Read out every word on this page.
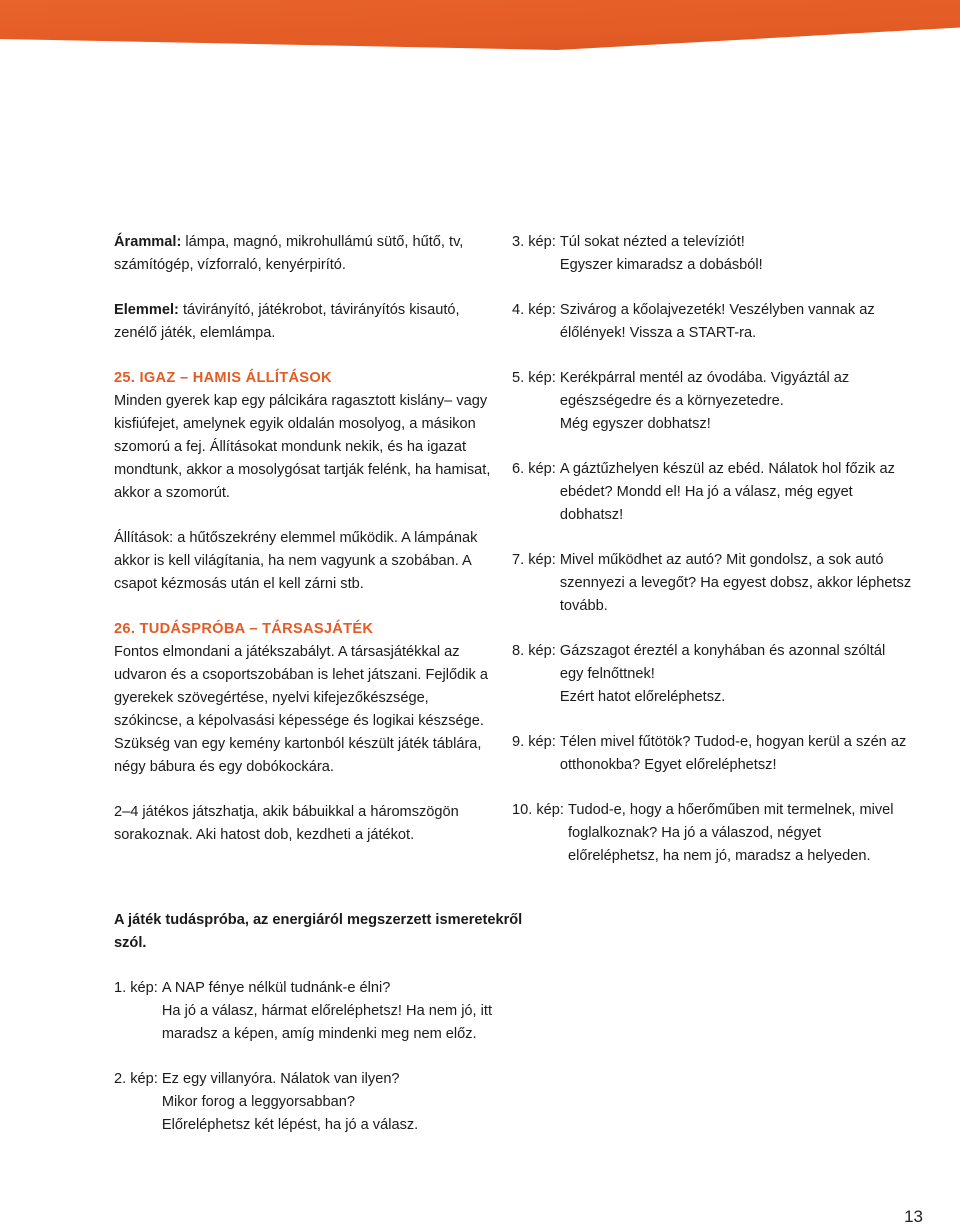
Árammal: lámpa, magnó, mikrohullámú sütő, hűtő, tv, számítógép, vízforraló, kenyérpirító.

Elemmel: távirányító, játékrobot, távirányítós kisautó, zenélő játék, elemlámpa.

25. IGAZ – HAMIS ÁLLÍTÁSOK

Minden gyerek kap egy pálcikára ragasztott kislány– vagy kisfiúfejet, amelynek egyik oldalán mosolyog, a másikon szomorú a fej. Állításokat mondunk nekik, és ha igazat mondtunk, akkor a mosolygósat tartják felénk, ha hamisat, akkor a szomorút.

Állítások: a hűtőszekrény elemmel működik. A lámpának akkor is kell világítania, ha nem vagyunk a szobában. A csapot kézmosás után el kell zárni stb.

26. TUDÁSPRÓBA – TÁRSASJÁTÉK

Fontos elmondani a játékszabályt. A társasjátékkal az udvaron és a csoportszobában is lehet játszani. Fejlődik a gyerekek szövegértése, nyelvi kifejezőkészsége, szókincse, a képolvasási képessége és logikai készsége. Szükség van egy kemény kartonból készült játék táblára, négy bábura és egy dobókockára.

2–4 játékos játszhatja, akik bábuikkal a háromszögön sorakoznak. Aki hatost dob, kezdheti a játékot.

A játék tudáspróba, az energiáról megszerzett ismeretekről szól.

1. kép: A NAP fénye nélkül tudnánk-e élni?
Ha jó a válasz, hármat előreléphetsz! Ha nem jó, itt maradsz a képen, amíg mindenki meg nem előz.
2. kép: Ez egy villanyóra. Nálatok van ilyen?
Mikor forog a leggyorsabban?
Előreléphetsz két lépést, ha jó a válasz.
3. kép: Túl sokat nézted a televíziót!
Egyszer kimaradsz a dobásból!
4. kép: Szivárog a kőolajvezeték! Veszélyben vannak az élőlények! Vissza a START-ra.
5. kép: Kerékpárral mentél az óvodába. Vigyáztál az egészségedre és a környezetedre.
Még egyszer dobhatsz!
6. kép: A gáztűzhelyen készül az ebéd. Nálatok hol főzik az ebédet? Mondd el! Ha jó a válasz, még egyet dobhatsz!
7. kép: Mivel működhet az autó? Mit gondolsz, a sok autó szennyezi a levegőt? Ha egyest dobsz, akkor léphetsz tovább.
8. kép: Gázszagot éreztél a konyhában és azonnal szóltál egy felnőttnek!
Ezért hatot előreléphetsz.
9. kép: Télen mivel fűtötök? Tudod-e, hogyan kerül a szén az otthonokba? Egyet előreléphetsz!
10. kép: Tudod-e, hogy a hőerőműben mit termelnek, mivel foglalkoznak? Ha jó a válaszod, négyet előreléphetsz, ha nem jó, maradsz a helyeden.
13
